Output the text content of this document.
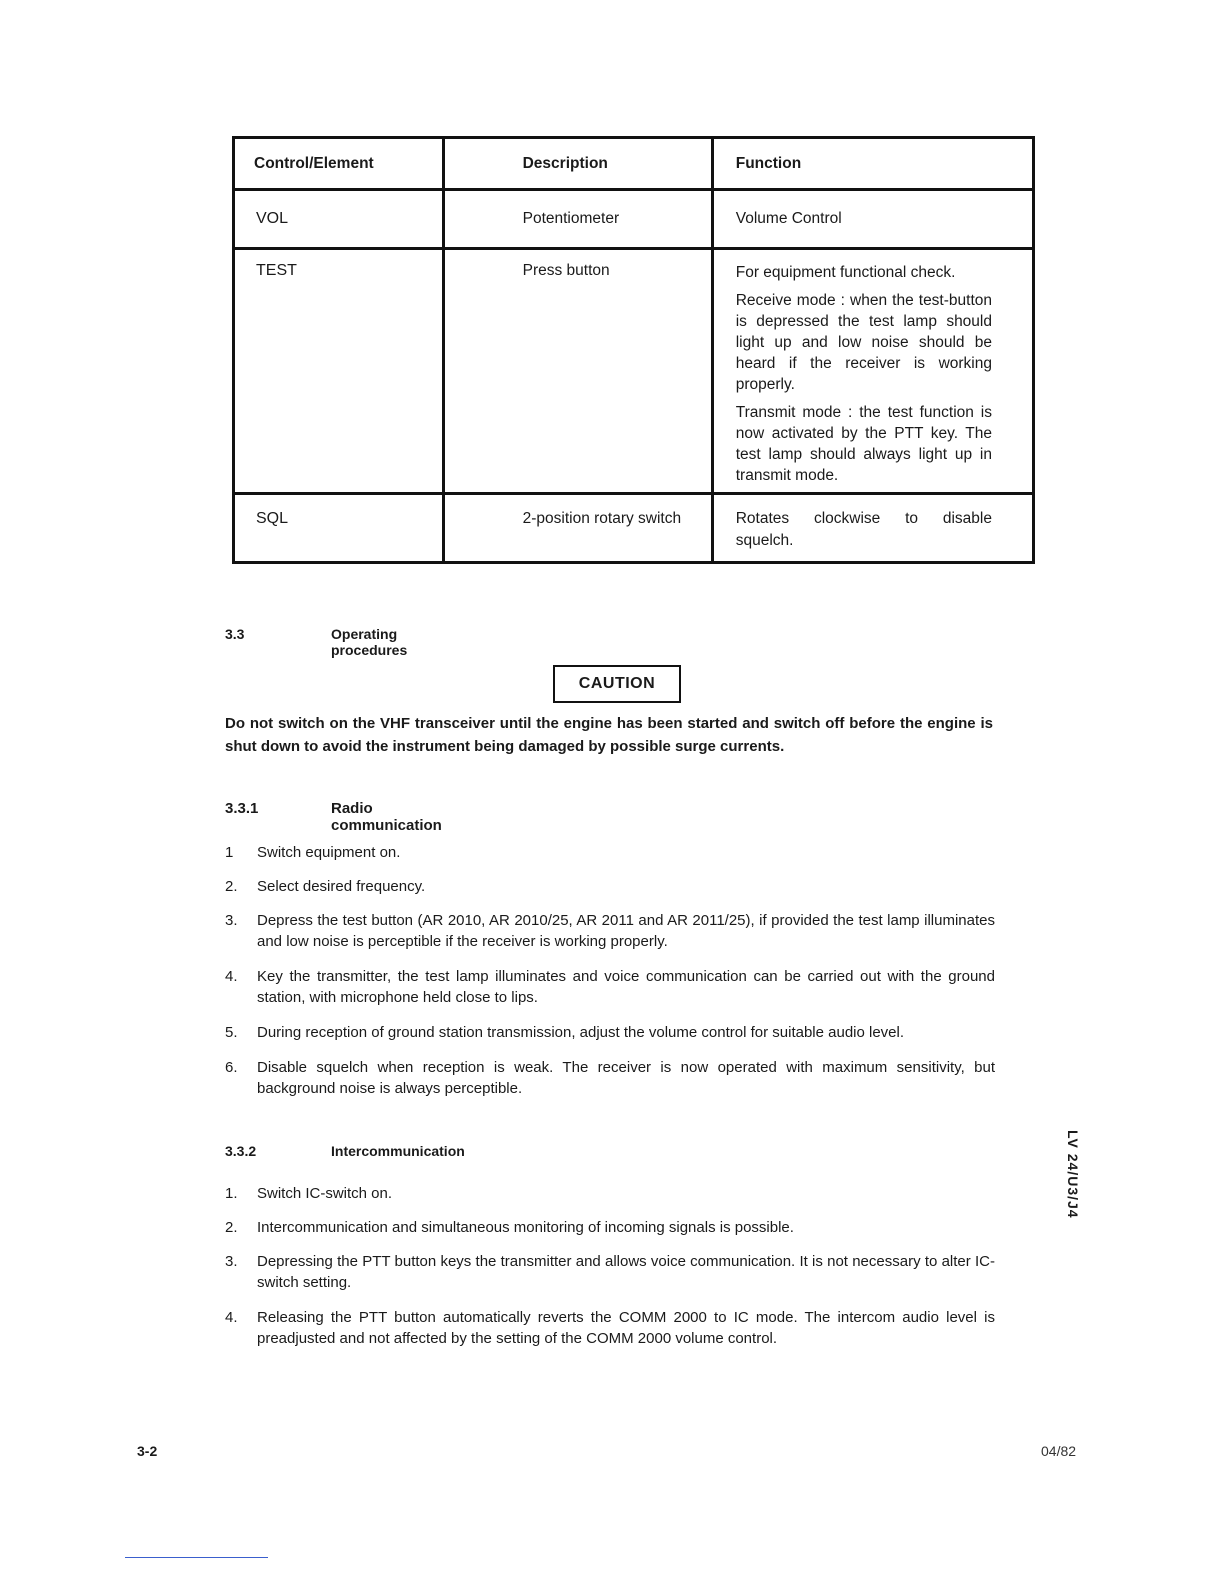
Control/Element	Description	Function

VOL	Potentiometer	Volume Control

TEST	Press button	For equipment functional check.

Receive mode : when the test-button is depressed the test lamp should light up and low noise should be heard if the receiver is working properly.

Transmit mode : the test function is now activated by the PTT key. The test lamp should always light up in transmit mode.

SQL	2-position rotary switch	Rotates clockwise to disable squelch.
3.3	Operating procedures
CAUTION
Do not switch on the VHF transceiver until the engine has been started and switch off before the engine is shut down to avoid the instrument being damaged by possible surge currents.
3.3.1	Radio communication
1 Switch equipment on.
2. Select desired frequency.
3. Depress the test button (AR 2010, AR 2010/25, AR 2011 and AR 2011/25), if provided the test lamp illuminates and low noise is perceptible if the receiver is working properly.
4. Key the transmitter, the test lamp illuminates and voice communication can be carried out with the ground station, with microphone held close to lips.
5. During reception of ground station transmission, adjust the volume control for suitable audio level.
6. Disable squelch when reception is weak. The receiver is now operated with maximum sensitivity, but background noise is always perceptible.
3.3.2	Intercommunication
1. Switch IC-switch on.
2. Intercommunication and simultaneous monitoring of incoming signals is possible.
3. Depressing the PTT button keys the transmitter and allows voice communication. It is not necessary to alter IC-switch setting.
4. Releasing the PTT button automatically reverts the COMM 2000 to IC mode. The intercom audio level is preadjusted and not affected by the setting of the COMM 2000 volume control.
LV 24/U3/J4
3-2	04/82
